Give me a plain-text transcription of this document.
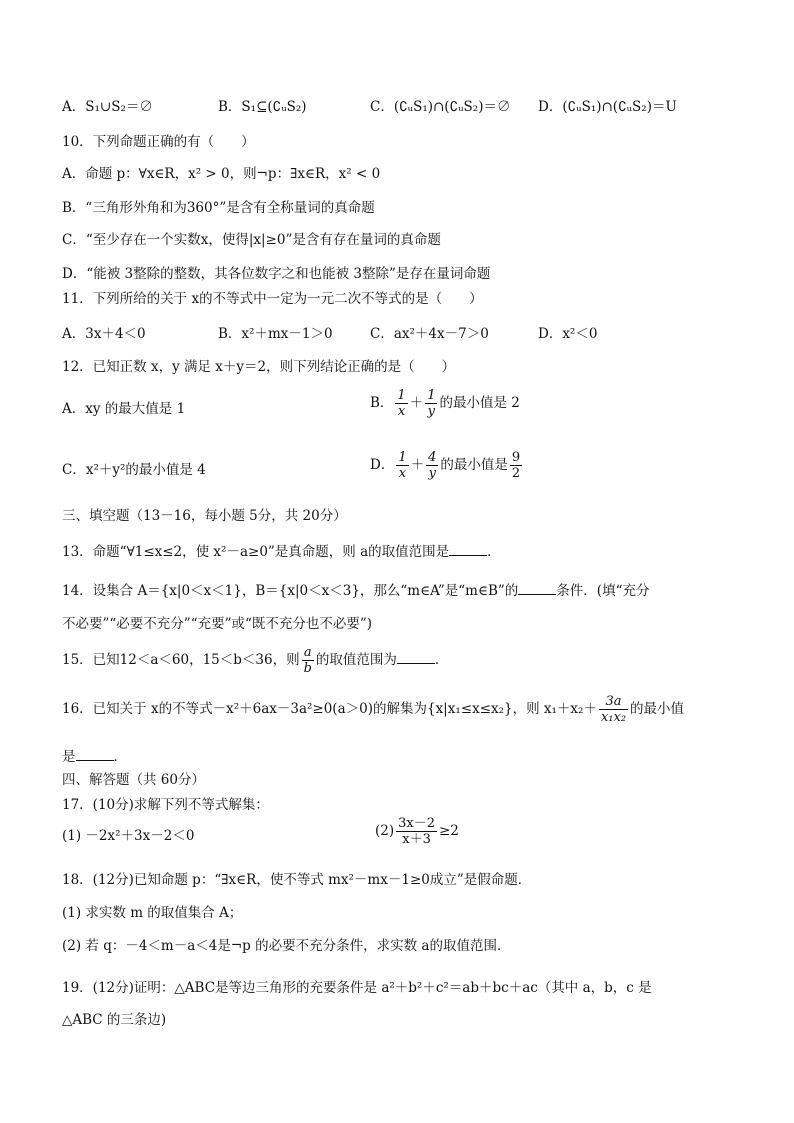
A．S₁∪S₂＝∅	B．S₁⊆(∁ᵤS₂)	C．(∁ᵤS₁)∩(∁ᵤS₂)＝∅ D．(∁ᵤS₁)∩(∁ᵤS₂)＝U
10．下列命题正确的有（　　）
A．命题 p：∀x∈R，x² > 0，则¬p：∃x∈R，x² < 0
B．“三角形外角和为360°”是含有全称量词的真命题
C．“至少存在一个实数x，使得|x|≥0”是含有存在量词的真命题
D．“能被 3整除的整数，其各位数字之和也能被 3整除”是存在量词命题
11．下列所给的关于 x的不等式中一定为一元二次不等式的是（　　）
A．3x＋4＜0	B．x²＋mx－1＞0	C．ax²＋4x－7＞0	D．x²＜0
12．已知正数 x，y 满足 x＋y＝2，则下列结论正确的是（　　）
A．xy 的最大值是 1	B． $\frac{1}{x} + \frac{1}{y}$ 的最小值是 2
C．x²＋y²的最小值是 4	D． $\frac{1}{x} + \frac{4}{y}$ 的最小值是 $\frac{9}{2}$
三、填空题（13－16，每小题 5分，共 20分）
13．命题“∀1≤x≤2，使 x²－a≥0”是真命题，则 a的取值范围是	．
14．设集合 A＝{x|0＜x＜1}，B＝{x|0＜x＜3}，那么“m∈A”是“m∈B”的	条件．(填“充分
不必要”“必要不充分”“充要”或“既不充分也不必要”)
15．已知12＜a＜60，15＜b＜36，则 $\frac{a}{b}$ 的取值范围为	．
16．已知关于 x的不等式－x²＋6ax－3a²≥0(a＞0)的解集为{x|x₁≤x≤x₂}，则 $x_1+x_2+ \frac{3a}{\text{x₁x₂}}$ 的最小值
是	．
四、解答题（共 60分）
17．(10分)求解下列不等式解集：
(1) －2x²＋3x－2＜0	$(2) \frac{3x-2}{x+3} \ge 2$
18．(12分)已知命题 p：“∃x∈R，使不等式 mx²－mx－1≥0成立”是假命题．
(1) 求实数 m 的取值集合 A；
(2) 若 q：－4＜m－a＜4是¬p 的必要不充分条件，求实数 a的取值范围．
19．(12分)证明：△ABC是等边三角形的充要条件是 a²＋b²＋c²＝ab＋bc＋ac（其中 a，b，c 是
△ABC 的三条边)
